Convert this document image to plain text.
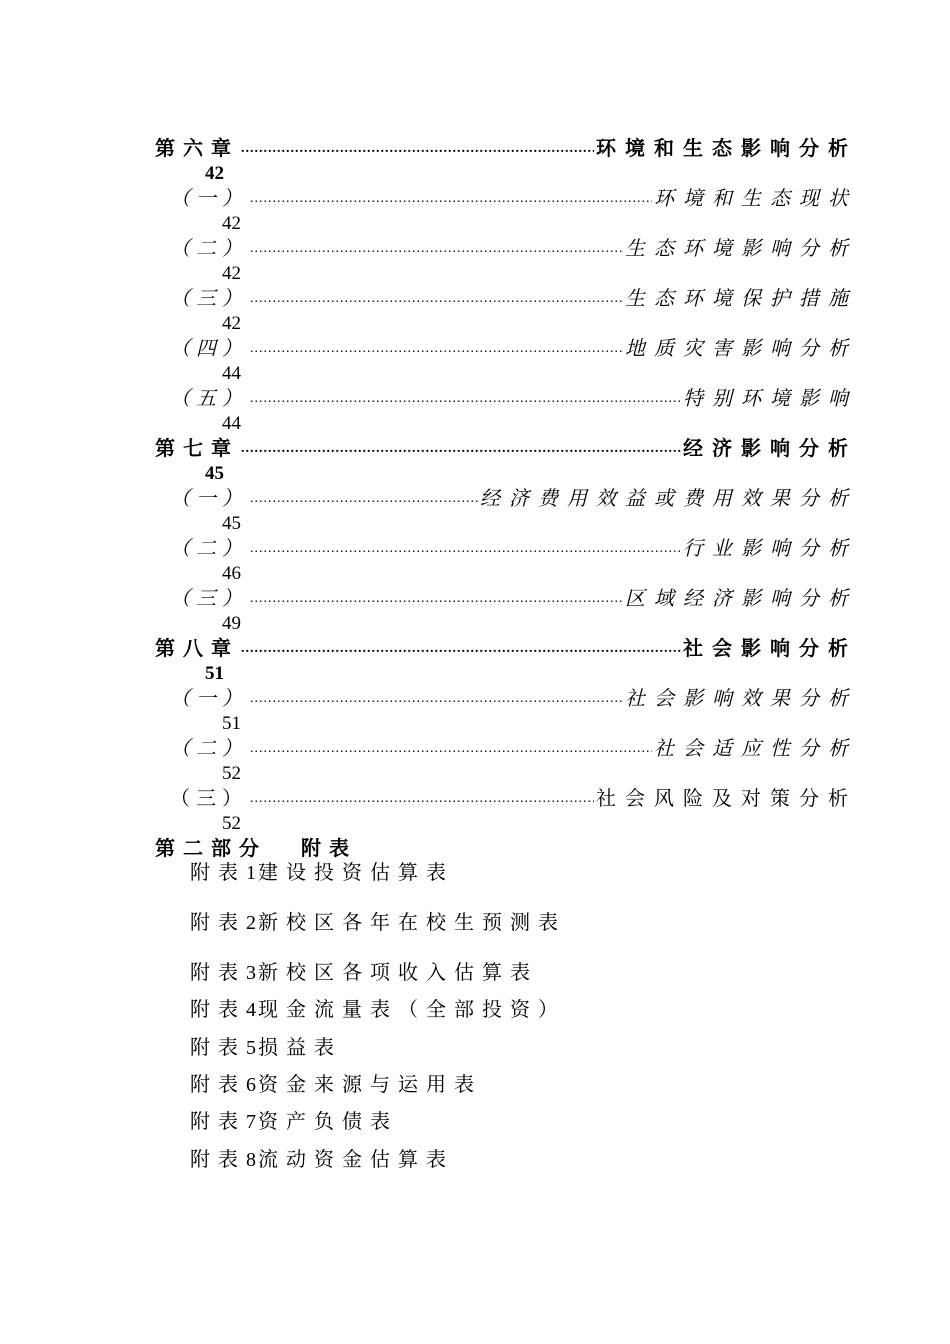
第六章 .....	环境和生态影响分析
42
（一） .....	环境和生态现状
42
（二） .....	生态环境影响分析
42
（三） .....	生态环境保护措施
42
（四） .....	地质灾害影响分析
44
（五） .....	特别环境影响
44
第七章 .....	经济影响分析
45
（一） .....	经济费用效益或费用效果分析
45
（二） .....	行业影响分析
46
（三） .....	区域经济影响分析
49
第八章 .....	社会影响分析
51
（一） .....	社会影响效果分析
51
（二） .....	社会适应性分析
52
（三） .....	社会风险及对策分析
52
第二部分 附表
附表1建设投资估算表
附表2新校区各年在校生预测表
附表3新校区各项收入估算表
附表4现金流量表（全部投资）
附表5损益表
附表6资金来源与运用表
附表7资产负债表
附表8流动资金估算表
